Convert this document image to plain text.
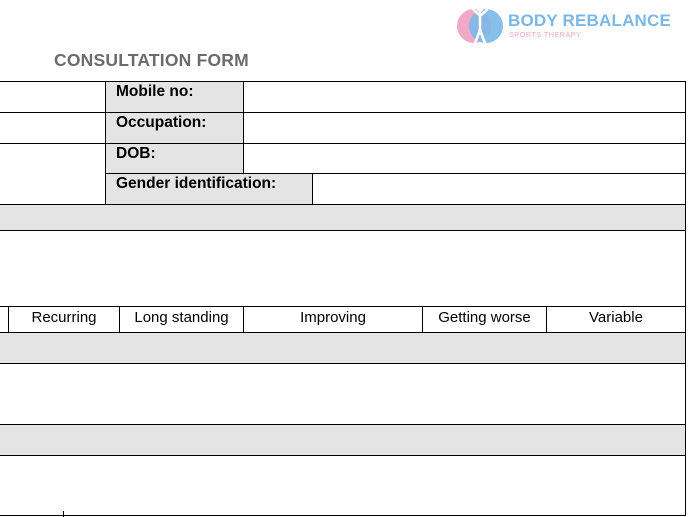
BODY REBALANCE
SPORTS THERAPY
CONSULTATION FORM
Mobile no:
Occupation:
DOB:
Gender identification:
Recurring	Long standing	Improving	Getting worse	Variable
